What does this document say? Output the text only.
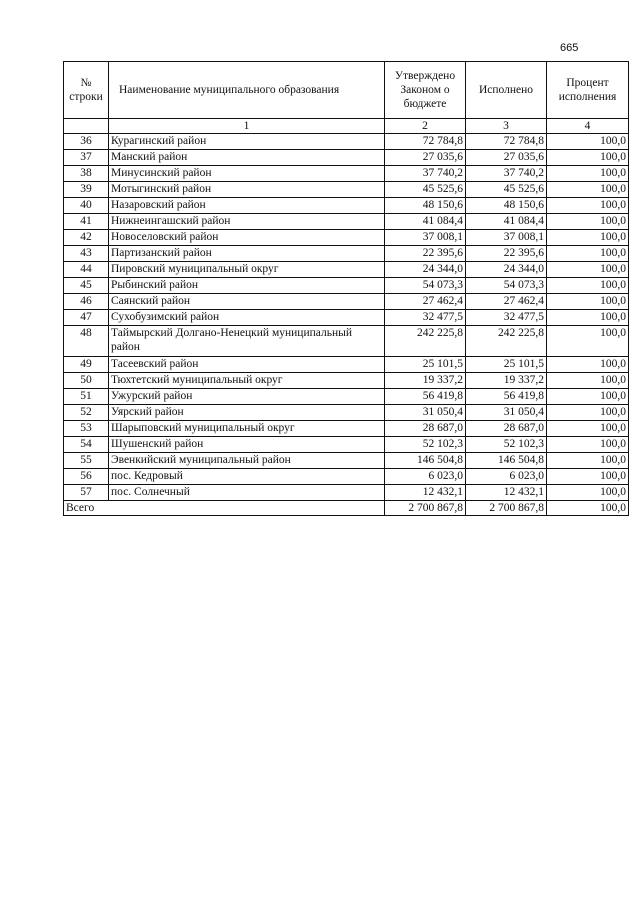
665
№ строки	Наименование муниципального образования	Утверждено Законом о бюджете	Исполнено	Процент исполнения
	1	2	3	4
36	Курагинский район	72 784,8	72 784,8	100,0
37	Манский район	27 035,6	27 035,6	100,0
38	Минусинский район	37 740,2	37 740,2	100,0
39	Мотыгинский район	45 525,6	45 525,6	100,0
40	Назаровский район	48 150,6	48 150,6	100,0
41	Нижнеингашский район	41 084,4	41 084,4	100,0
42	Новоселовский район	37 008,1	37 008,1	100,0
43	Партизанский район	22 395,6	22 395,6	100,0
44	Пировский муниципальный округ	24 344,0	24 344,0	100,0
45	Рыбинский район	54 073,3	54 073,3	100,0
46	Саянский район	27 462,4	27 462,4	100,0
47	Сухобузимский район	32 477,5	32 477,5	100,0
48	Таймырский Долгано-Ненецкий муниципальный район	242 225,8	242 225,8	100,0
49	Тасеевский район	25 101,5	25 101,5	100,0
50	Тюхтетский муниципальный округ	19 337,2	19 337,2	100,0
51	Ужурский район	56 419,8	56 419,8	100,0
52	Уярский район	31 050,4	31 050,4	100,0
53	Шарыповский муниципальный округ	28 687,0	28 687,0	100,0
54	Шушенский район	52 102,3	52 102,3	100,0
55	Эвенкийский муниципальный район	146 504,8	146 504,8	100,0
56	пос. Кедровый	6 023,0	6 023,0	100,0
57	пос. Солнечный	12 432,1	12 432,1	100,0
Всего		2 700 867,8	2 700 867,8	100,0
